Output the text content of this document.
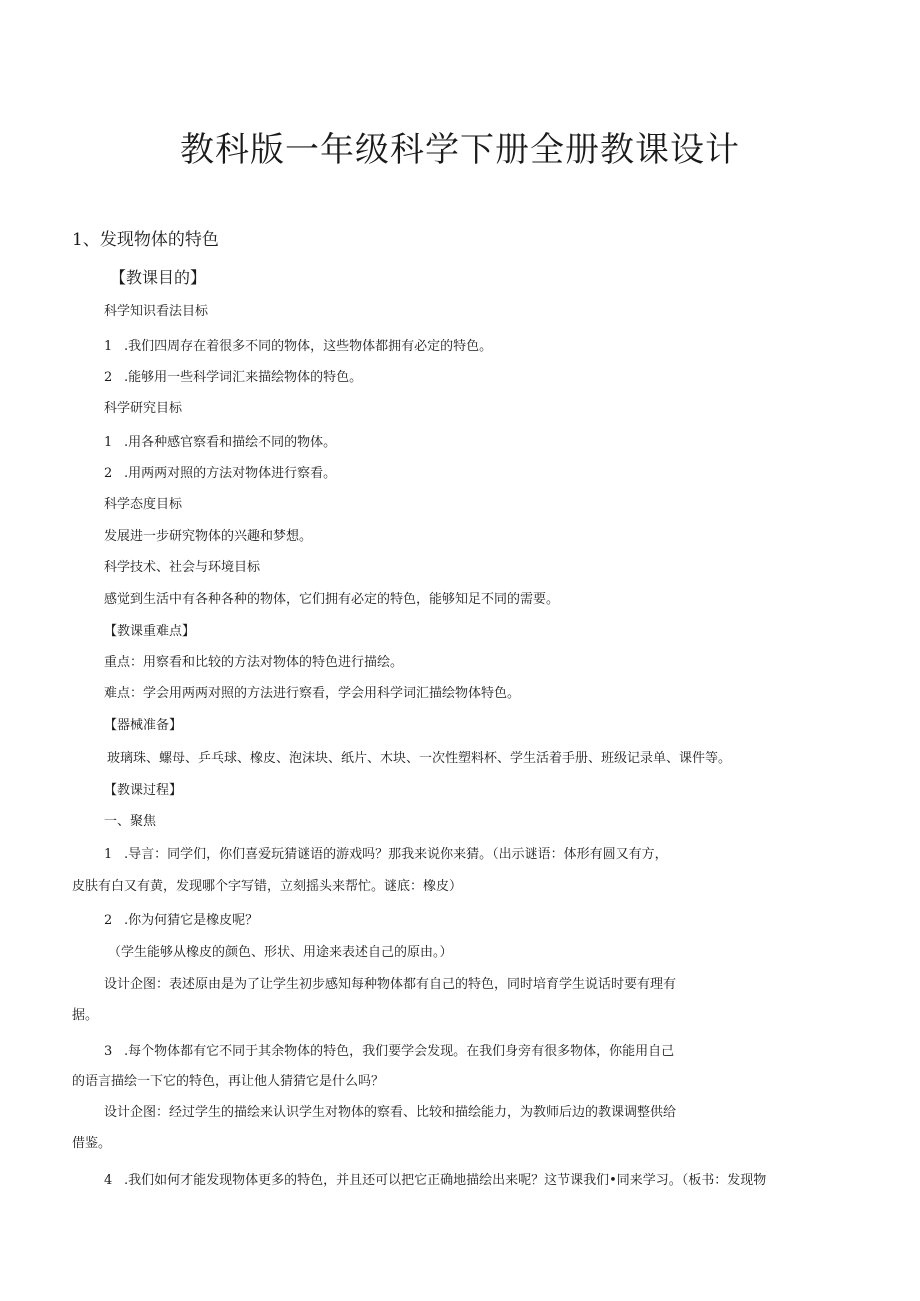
教科版一年级科学下册全册教课设计
1、发现物体的特色
【教课目的】
科学知识看法目标
1 .我们四周存在着很多不同的物体，这些物体都拥有必定的特色。
2 .能够用一些科学词汇来描绘物体的特色。
科学研究目标
1 .用各种感官察看和描绘不同的物体。
2 .用两两对照的方法对物体进行察看。
科学态度目标
发展进一步研究物体的兴趣和梦想。
科学技术、社会与环境目标
感觉到生活中有各种各种的物体，它们拥有必定的特色，能够知足不同的需要。
【教课重难点】
重点：用察看和比较的方法对物体的特色进行描绘。
难点：学会用两两对照的方法进行察看，学会用科学词汇描绘物体特色。
【器械准备】
玻璃珠、螺母、乒乓球、橡皮、泡沫块、纸片、木块、一次性塑料杯、学生活着手册、班级记录单、课件等。
【教课过程】
一、聚焦
1 .导言：同学们，你们喜爱玩猜谜语的游戏吗？那我来说你来猜。（出示谜语：体形有圆又有方，
皮肤有白又有黄，发现哪个字写错，立刻摇头来帮忙。谜底：橡皮）
2 .你为何猜它是橡皮呢？
（学生能够从橡皮的颜色、形状、用途来表述自己的原由。）
设计企图：表述原由是为了让学生初步感知每种物体都有自己的特色，同时培育学生说话时要有理有
据。
3 .每个物体都有它不同于其余物体的特色，我们要学会发现。在我们身旁有很多物体，你能用自己
的语言描绘一下它的特色，再让他人猜猜它是什么吗？
设计企图：经过学生的描绘来认识学生对物体的察看、比较和描绘能力，为教师后边的教课调整供给
借鉴。
4 .我们如何才能发现物体更多的特色，并且还可以把它正确地描绘出来呢？这节课我们•同来学习。（板书：发现物
